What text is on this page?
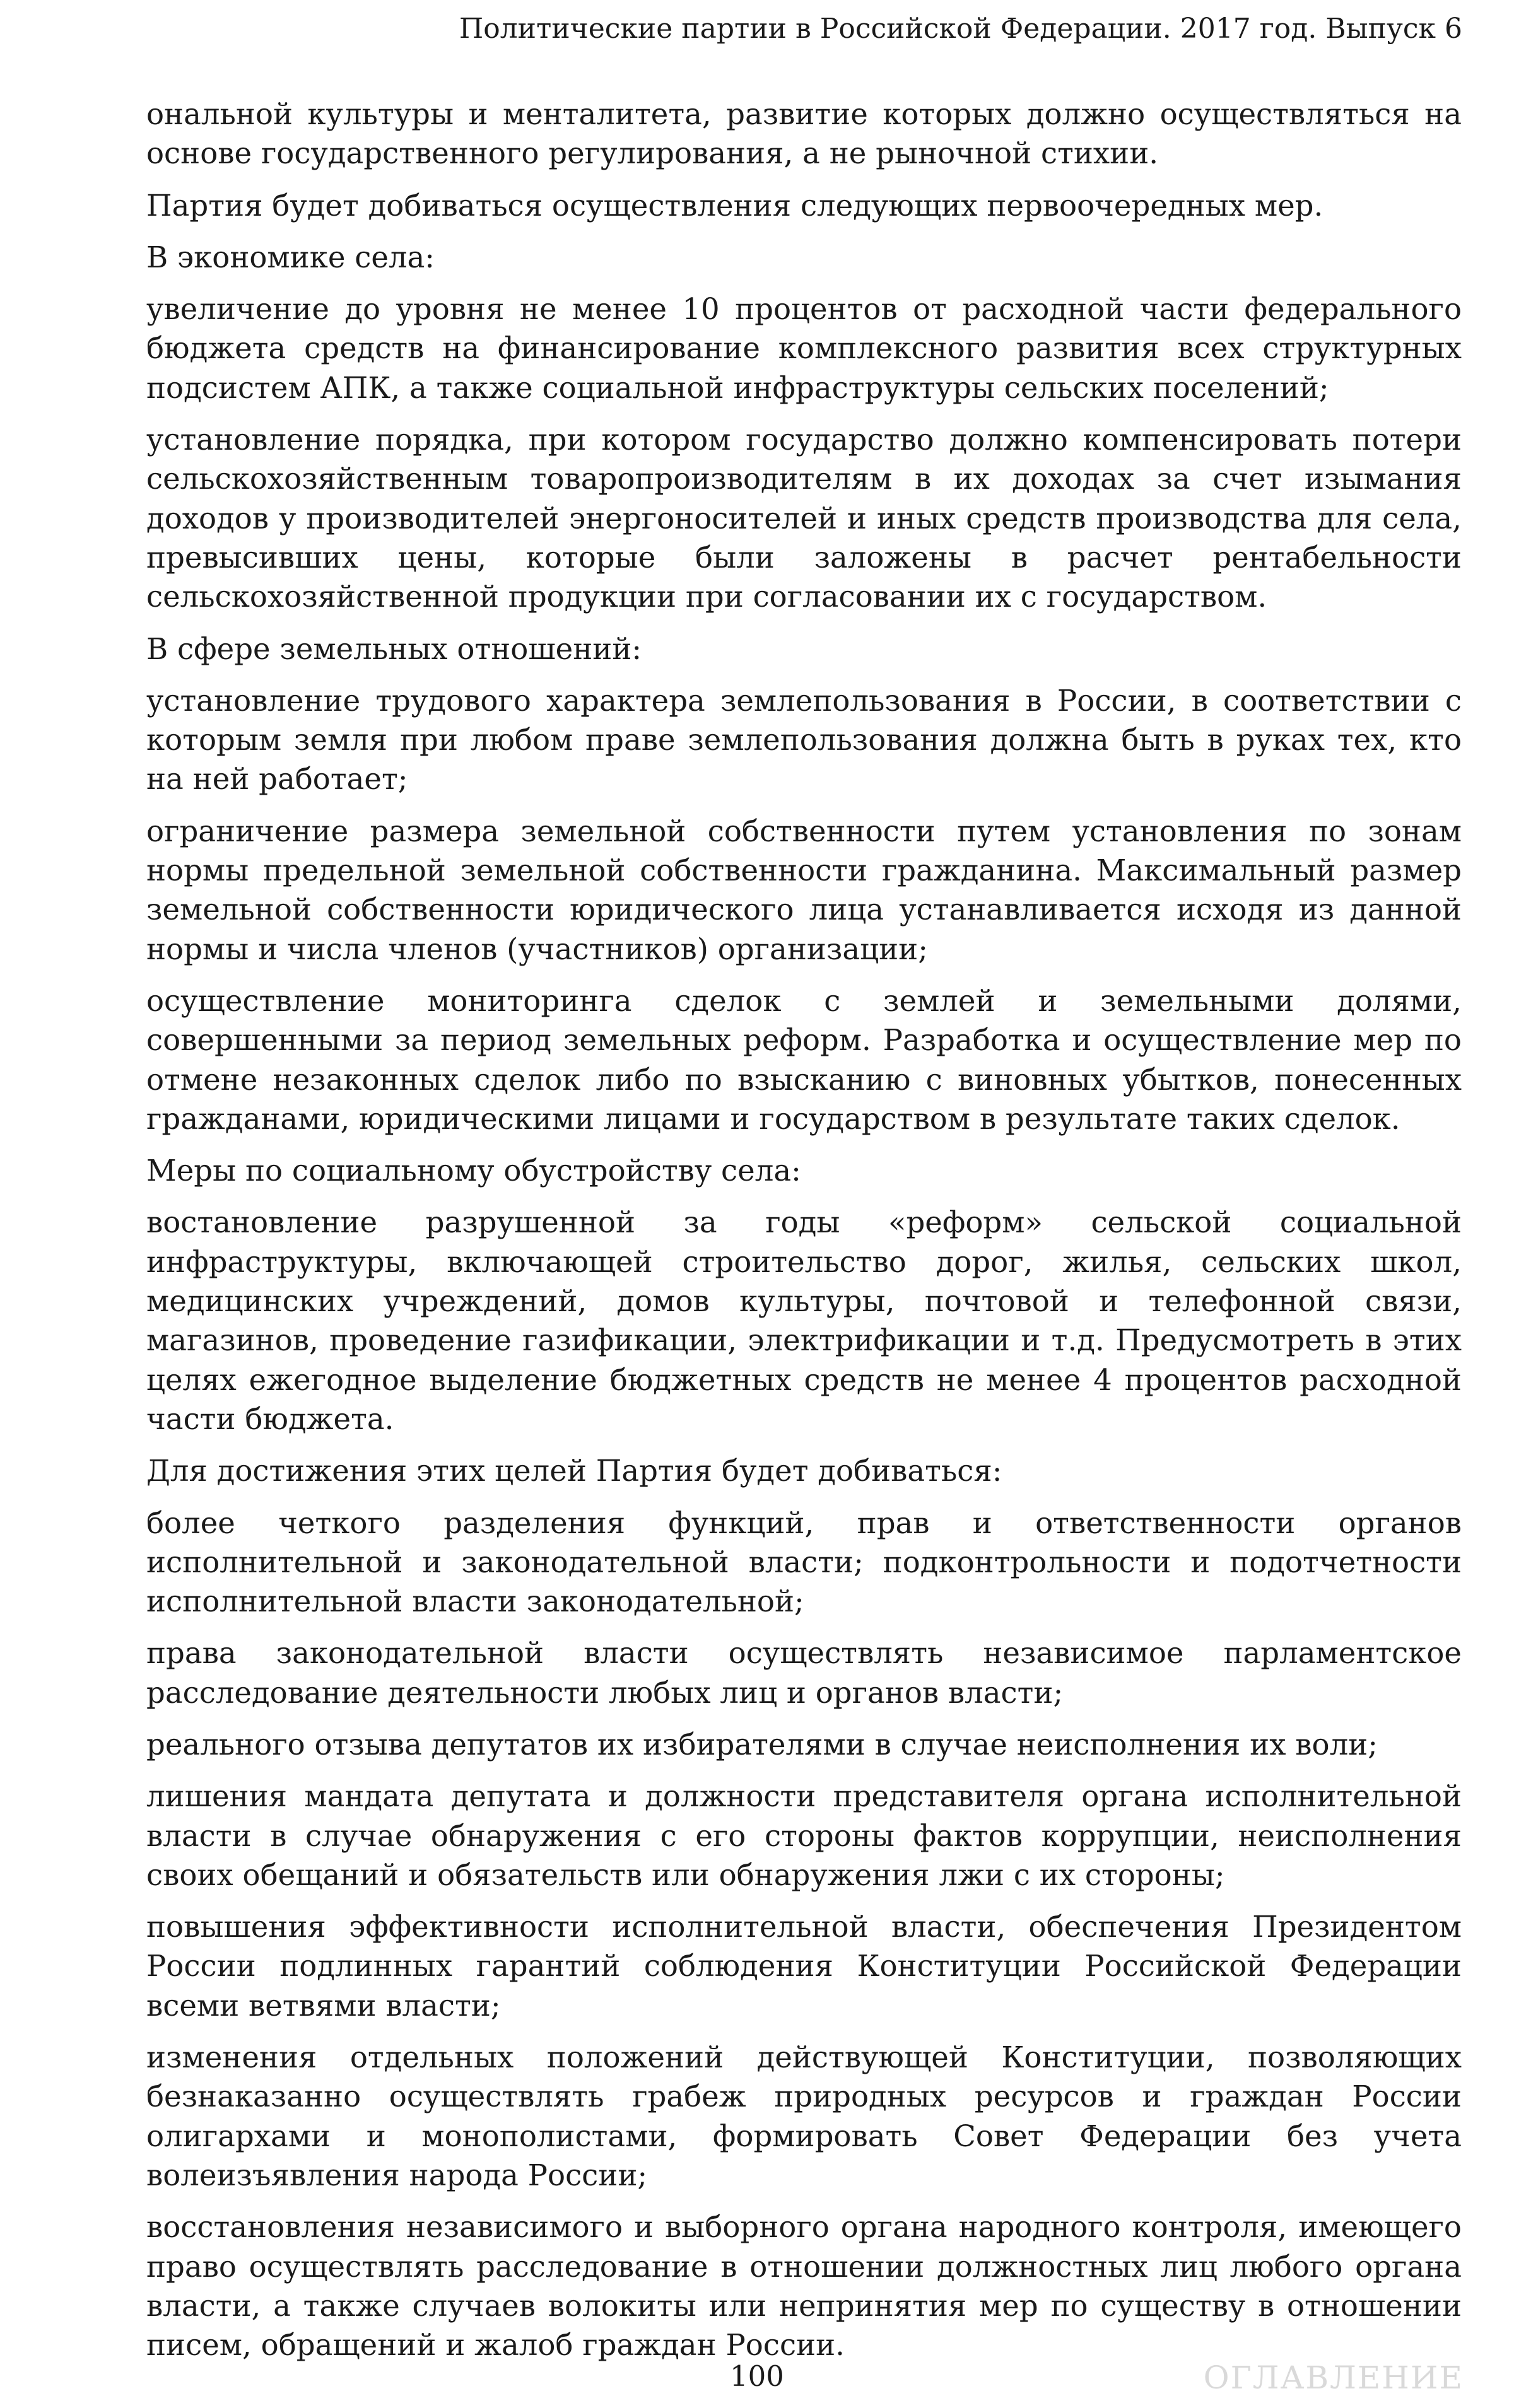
Политические партии в Российской Федерации. 2017 год. Выпуск 6

ональной культуры и менталитета, развитие которых должно осуществляться на основе государственного регулирования, а не рыночной стихии.

Партия будет добиваться осуществления следующих первоочередных мер.

В экономике села:

увеличение до уровня не менее 10 процентов от расходной части федерального бюджета средств на финансирование комплексного развития всех структурных подсистем АПК, а также социальной инфраструктуры сельских поселений;

установление порядка, при котором государство должно компенсировать потери сельскохозяйственным товаропроизводителям в их доходах за счет изымания доходов у производителей энергоносителей и иных средств производства для села, превысивших цены, которые были заложены в расчет рентабельности сельскохозяйственной продукции при согласовании их с государством.

В сфере земельных отношений:

установление трудового характера землепользования в России, в соответствии с которым земля при любом праве землепользования должна быть в руках тех, кто на ней работает;

ограничение размера земельной собственности путем установления по зонам нормы предельной земельной собственности гражданина. Максимальный размер земельной собственности юридического лица устанавливается исходя из данной нормы и числа членов (участников) организации;

осуществление мониторинга сделок с землей и земельными долями, совершенными за период земельных реформ. Разработка и осуществление мер по отмене незаконных сделок либо по взысканию с виновных убытков, понесенных гражданами, юридическими лицами и государством в результате таких сделок.

Меры по социальному обустройству села:

востановление разрушенной за годы «реформ» сельской социальной инфраструктуры, включающей строительство дорог, жилья, сельских школ, медицинских учреждений, домов культуры, почтовой и телефонной связи, магазинов, проведение газификации, электрификации и т.д. Предусмотреть в этих целях ежегодное выделение бюджетных средств не менее 4 процентов расходной части бюджета.

Для достижения этих целей Партия будет добиваться:

более четкого разделения функций, прав и ответственности органов исполнительной и законодательной власти; подконтрольности и подотчетности исполнительной власти законодательной;

права законодательной власти осуществлять независимое парламентское расследование деятельности любых лиц и органов власти;

реального отзыва депутатов их избирателями в случае неисполнения их воли;

лишения мандата депутата и должности представителя органа исполнительной власти в случае обнаружения с его стороны фактов коррупции, неисполнения своих обещаний и обязательств или обнаружения лжи с их стороны;

повышения эффективности исполнительной власти, обеспечения Президентом России подлинных гарантий соблюдения Конституции Российской Федерации всеми ветвями власти;

изменения отдельных положений действующей Конституции, позволяющих безнаказанно осуществлять грабеж природных ресурсов и граждан России олигархами и монополистами, формировать Совет Федерации без учета волеизъявления народа России;

восстановления независимого и выборного органа народного контроля, имеющего право осуществлять расследование в отношении должностных лиц любого органа власти, а также случаев волокиты или непринятия мер по существу в отношении писем, обращений и жалоб граждан России.

100	ОГЛАВЛЕНИЕ
